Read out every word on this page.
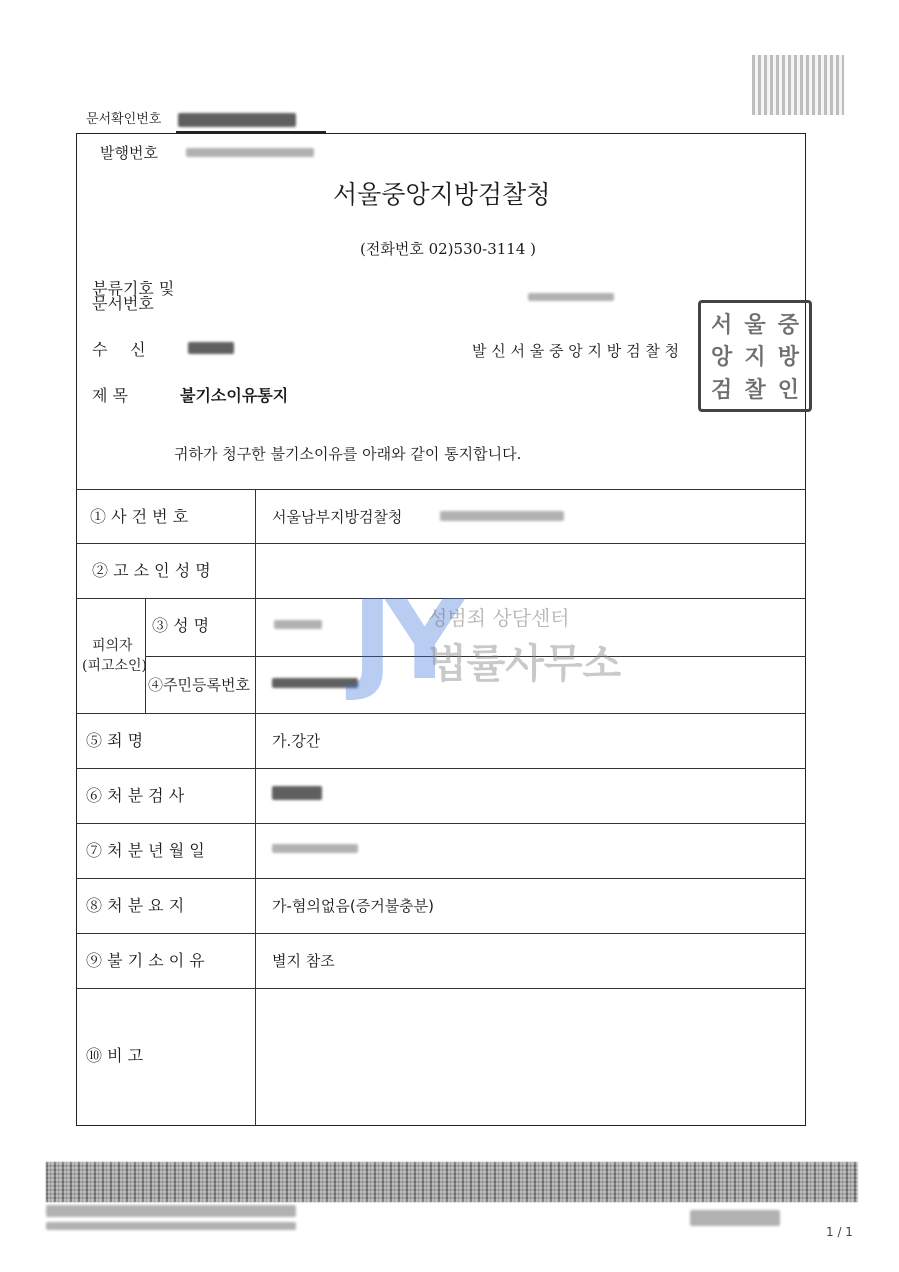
문서확인번호
발행번호
서울중앙지방검찰청
(전화번호 02)530-3114 )
분류기호 및
문서번호
수 신	발 신 서 울 중 앙 지 방 검 찰 청
서 울 중
앙 지 방
검 찰 인
제 목	불기소이유통지
귀하가 청구한 불기소이유를 아래와 같이 통지합니다.
① 사 건 번 호	서울남부지방검찰청
② 고 소 인 성 명
피의자
(피고소인)
③ 성 명
④주민등록번호
⑤ 죄 명	가.강간
⑥ 처 분 검 사
⑦ 처 분 년 월 일
⑧ 처 분 요 지	가-혐의없음(증거불충분)
⑨ 불 기 소 이 유	별지 참조
⑩ 비 고
JY
성범죄 상담센터
법률사무소
1 / 1
